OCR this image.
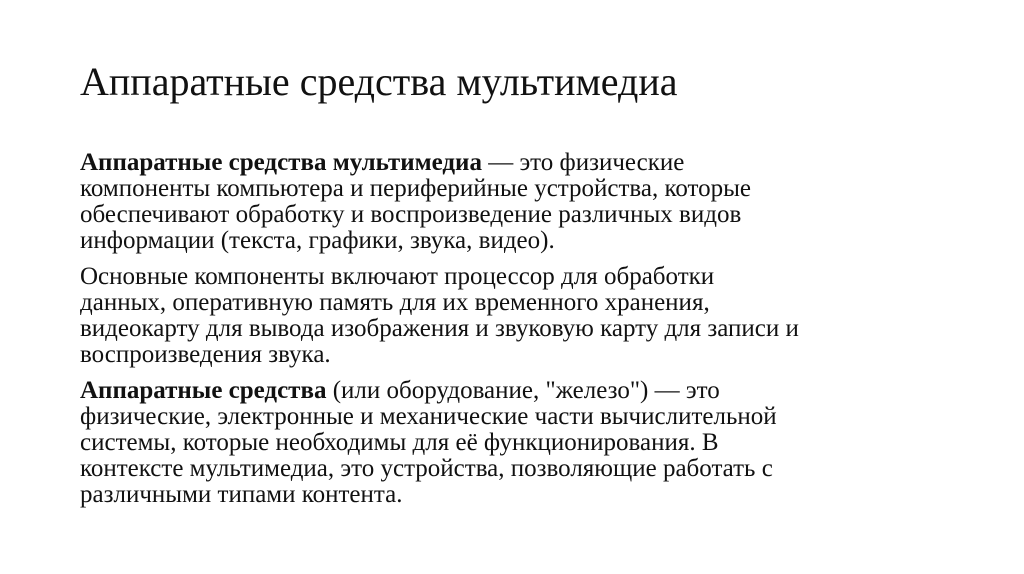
Аппаратные средства мультимедиа

Аппаратные средства мультимедиа — это физические
компоненты компьютера и периферийные устройства, которые
обеспечивают обработку и воспроизведение различных видов
информации (текста, графики, звука, видео).

Основные компоненты включают процессор для обработки
данных, оперативную память для их временного хранения,
видеокарту для вывода изображения и звуковую карту для записи и
воспроизведения звука.

Аппаратные средства (или оборудование, "железо") — это
физические, электронные и механические части вычислительной
системы, которые необходимы для её функционирования. В
контексте мультимедиа, это устройства, позволяющие работать с
различными типами контента.
